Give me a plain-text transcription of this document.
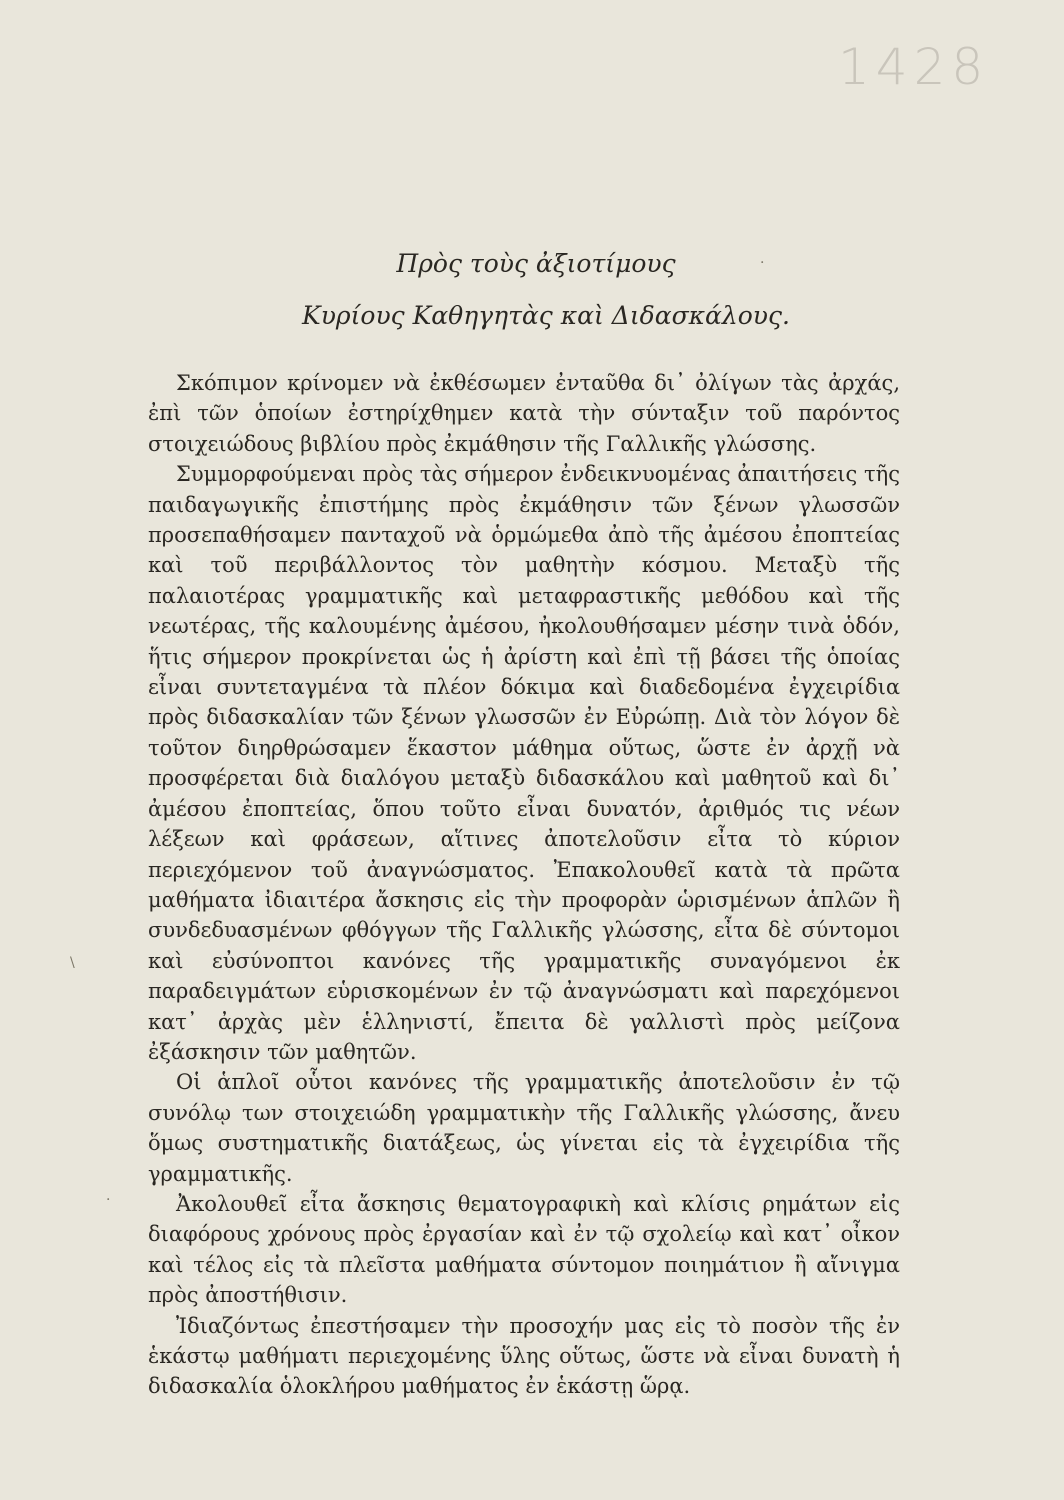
1428
·
\
·
Πρὸς τοὺς ἀξιοτίμους
Κυρίους Καθηγητὰς καὶ Διδασκάλους.

Σκόπιμον κρίνομεν νὰ ἐκθέσωμεν ἐνταῦθα δι᾿ ὀλίγων τὰς ἀρχάς, ἐπὶ τῶν ὁποίων ἐστηρίχθημεν κατὰ τὴν σύνταξιν τοῦ παρόντος στοιχειώδους βιβλίου πρὸς ἐκμάθησιν τῆς Γαλλικῆς γλώσσης.

Συμμορφούμεναι πρὸς τὰς σήμερον ἐνδεικνυομένας ἀπαιτήσεις τῆς παιδαγωγικῆς ἐπιστήμης πρὸς ἐκμάθησιν τῶν ξένων γλωσσῶν προσεπαθήσαμεν πανταχοῦ νὰ ὁρμώμεθα ἀπὸ τῆς ἀμέσου ἐποπτείας καὶ τοῦ περιβάλλοντος τὸν μαθητὴν κόσμου. Μεταξὺ τῆς παλαιοτέρας γραμματικῆς καὶ μεταφραστικῆς μεθόδου καὶ τῆς νεωτέρας, τῆς καλουμένης ἀμέσου, ἠκολουθήσαμεν μέσην τινὰ ὁδόν, ἥτις σήμερον προκρίνεται ὡς ἡ ἀρίστη καὶ ἐπὶ τῇ βάσει τῆς ὁποίας εἶναι συντεταγμένα τὰ πλέον δόκιμα καὶ διαδεδομένα ἐγχειρίδια πρὸς διδασκαλίαν τῶν ξένων γλωσσῶν ἐν Εὐρώπῃ. Διὰ τὸν λόγον δὲ τοῦτον διηρθρώσαμεν ἕκαστον μάθημα οὕτως, ὥστε ἐν ἀρχῇ νὰ προσφέρεται διὰ διαλόγου μεταξὺ διδασκάλου καὶ μαθητοῦ καὶ δι᾿ ἀμέσου ἐποπτείας, ὅπου τοῦτο εἶναι δυνατόν, ἀριθμός τις νέων λέξεων καὶ φράσεων, αἵτινες ἀποτελοῦσιν εἶτα τὸ κύριον περιεχόμενον τοῦ ἀναγνώσματος. Ἐπακολουθεῖ κατὰ τὰ πρῶτα μαθήματα ἰδιαιτέρα ἄσκησις εἰς τὴν προφορὰν ὡρισμένων ἁπλῶν ἢ συνδεδυασμένων φθόγγων τῆς Γαλλικῆς γλώσσης, εἶτα δὲ σύντομοι καὶ εὐσύνοπτοι κανόνες τῆς γραμματικῆς συναγόμενοι ἐκ παραδειγμάτων εὑρισκομένων ἐν τῷ ἀναγνώσματι καὶ παρεχόμενοι κατ᾿ ἀρχὰς μὲν ἑλληνιστί, ἔπειτα δὲ γαλλιστὶ πρὸς μείζονα ἐξάσκησιν τῶν μαθητῶν.

Οἱ ἁπλοῖ οὗτοι κανόνες τῆς γραμματικῆς ἀποτελοῦσιν ἐν τῷ συνόλῳ των στοιχειώδη γραμματικὴν τῆς Γαλλικῆς γλώσσης, ἄνευ ὅμως συστηματικῆς διατάξεως, ὡς γίνεται εἰς τὰ ἐγχειρίδια τῆς γραμματικῆς.

Ἀκολουθεῖ εἶτα ἄσκησις θεματογραφικὴ καὶ κλίσις ρημάτων εἰς διαφόρους χρόνους πρὸς ἐργασίαν καὶ ἐν τῷ σχολείῳ καὶ κατ᾿ οἶκον καὶ τέλος εἰς τὰ πλεῖστα μαθήματα σύντομον ποιημάτιον ἢ αἴνιγμα πρὸς ἀποστήθισιν.

Ἰδιαζόντως ἐπεστήσαμεν τὴν προσοχήν μας εἰς τὸ ποσὸν τῆς ἐν ἑκάστῳ μαθήματι περιεχομένης ὕλης οὕτως, ὥστε νὰ εἶναι δυνατὴ ἡ διδασκαλία ὁλοκλήρου μαθήματος ἐν ἑκάστῃ ὥρᾳ.
